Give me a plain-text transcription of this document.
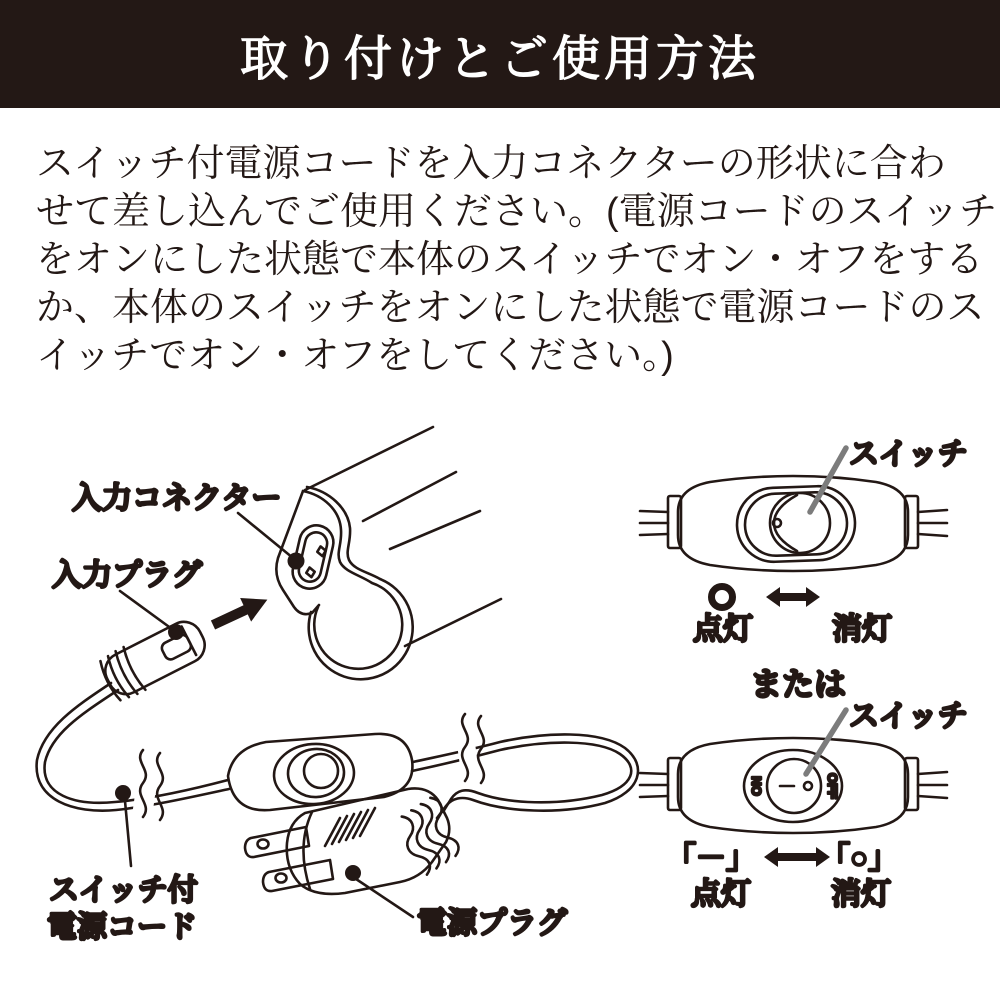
取り付けとご使用方法
スイッチ付電源コードを入力コネクターの形状に合わ
せて差し込んでご使用ください。(電源コードのスイッチ
をオンにした状態で本体のスイッチでオン・オフをする
か、本体のスイッチをオンにした状態で電源コードのス
イッチでオン・オフをしてください。)
入力コネクター
入力プラグ
スイッチ付
電源コード	電源プラグ
スイッチ
点灯	消灯
または
ON	OFF
スイッチ
「－」 「○」
点灯	消灯
